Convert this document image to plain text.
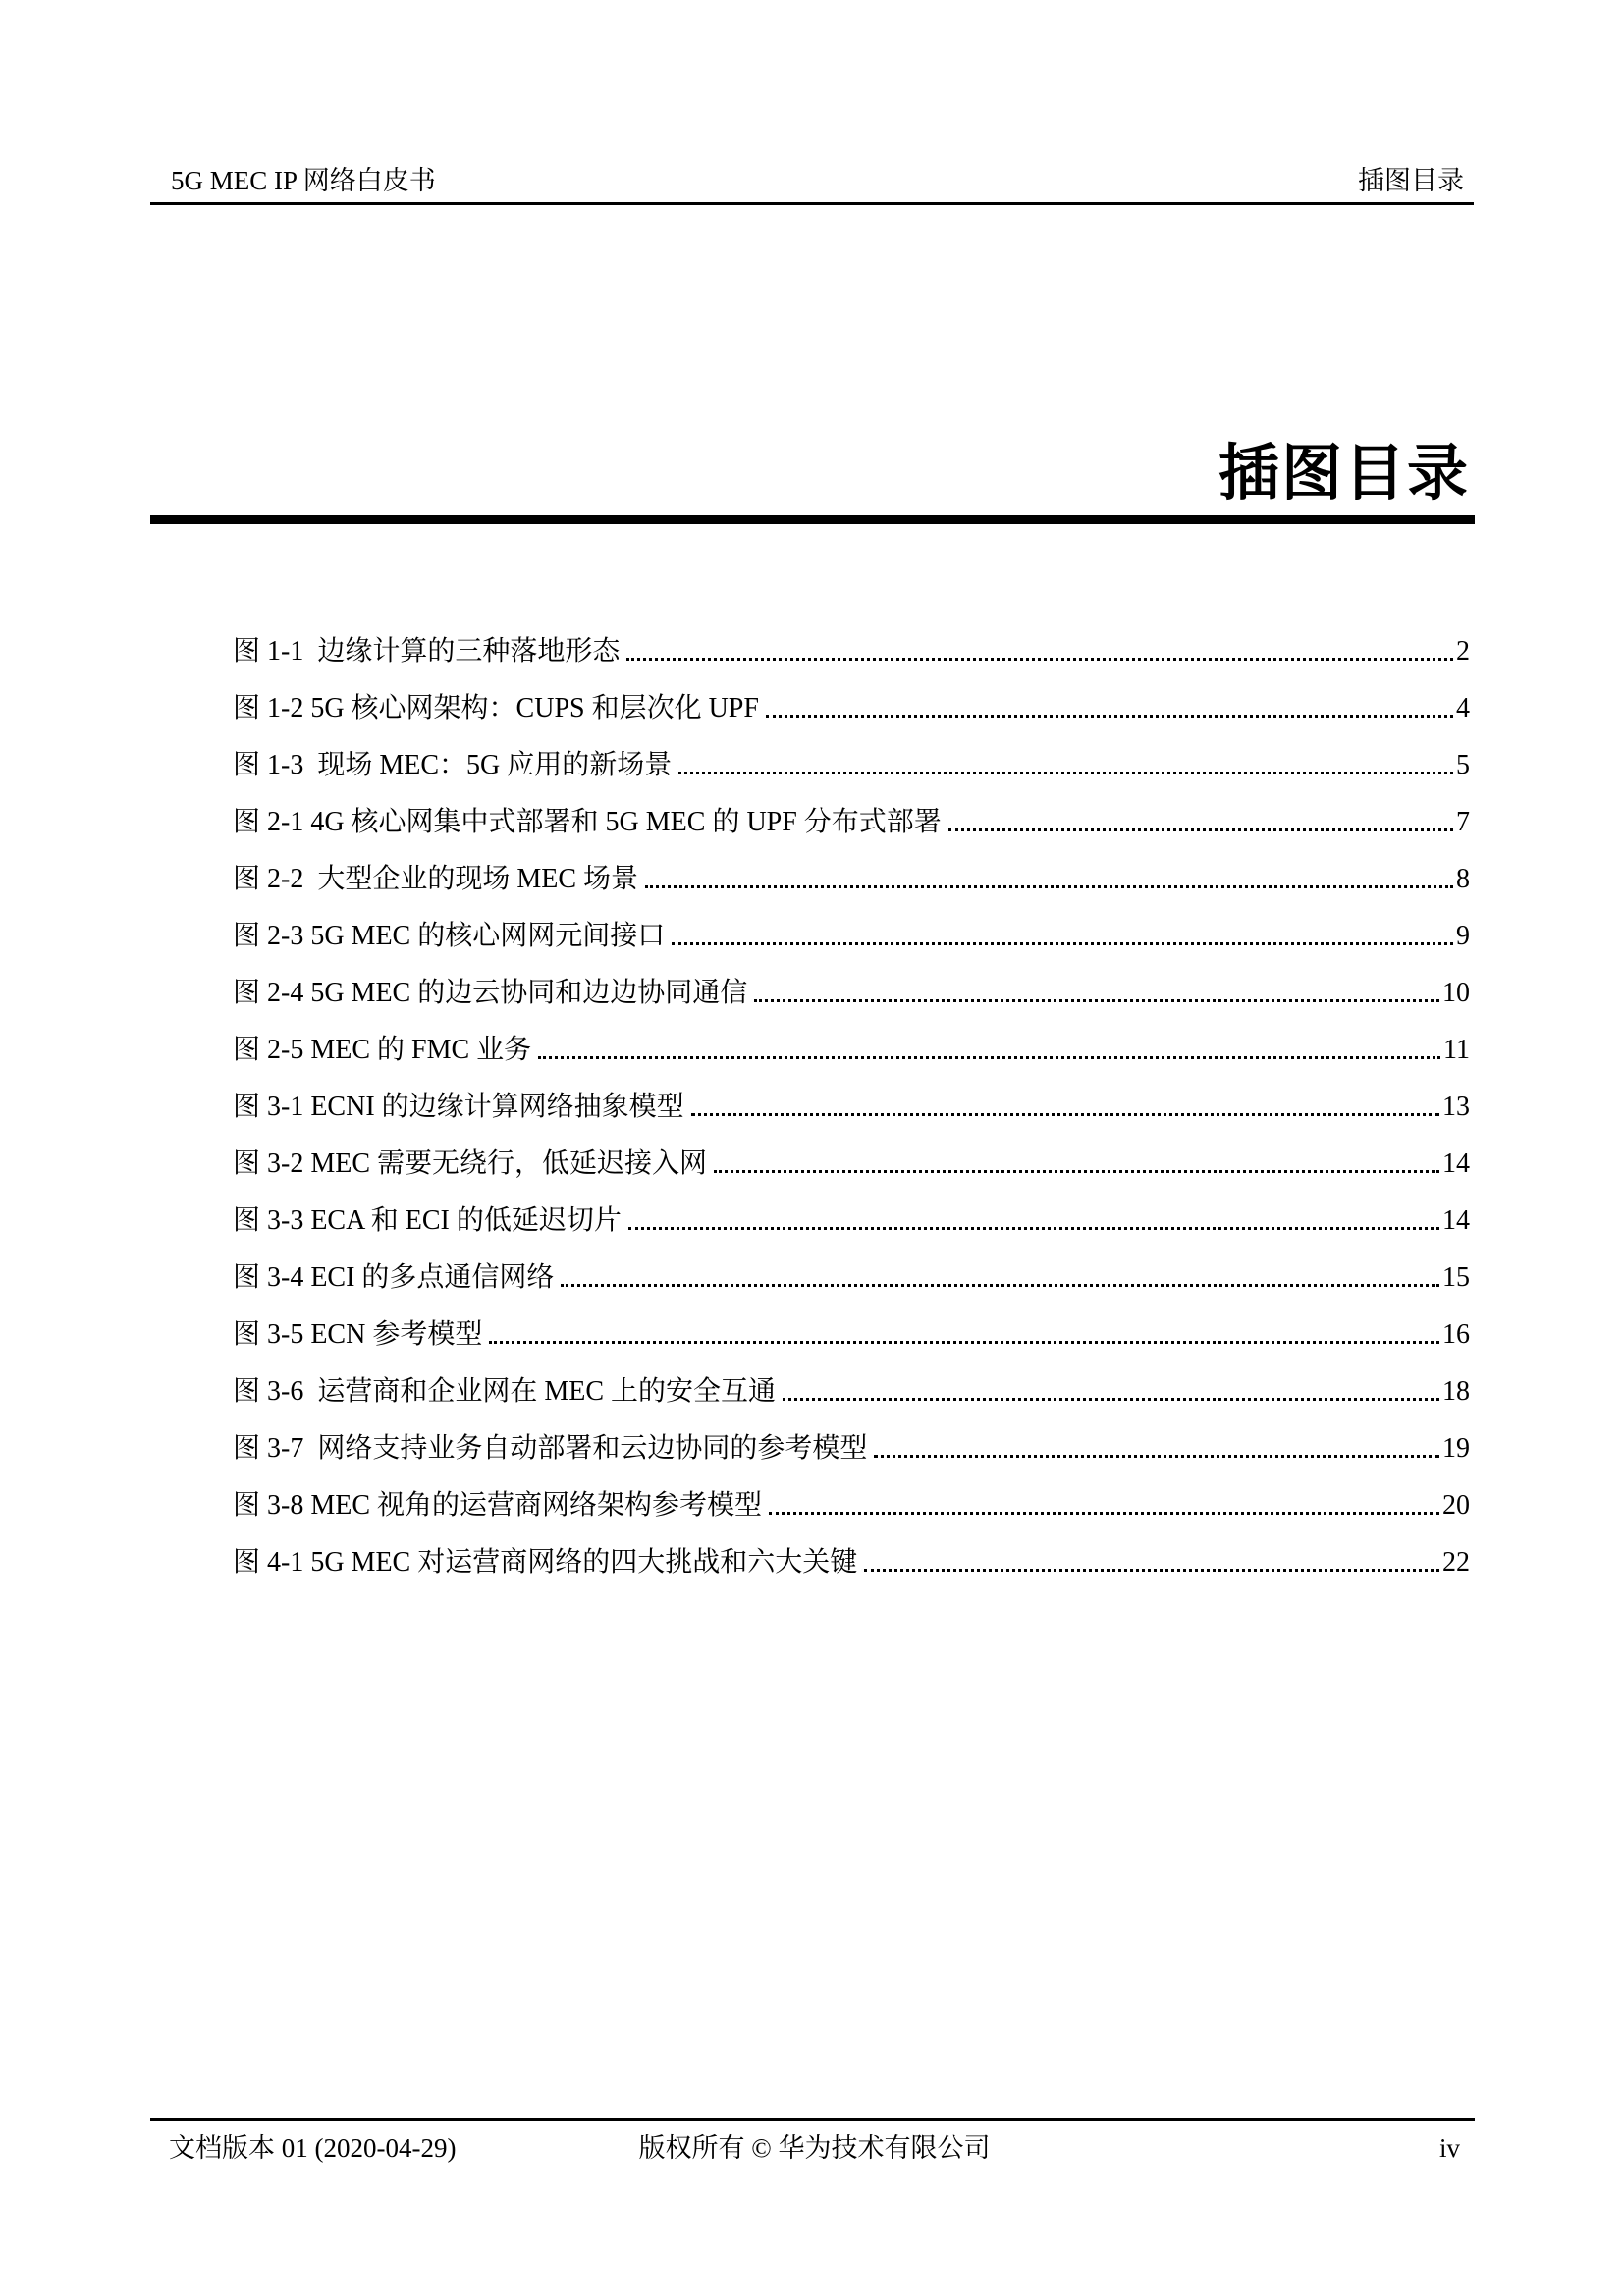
5G MEC IP 网络白皮书	插图目录
插图目录
图 1-1  边缘计算的三种落地形态	2
图 1-2 5G 核心网架构：CUPS 和层次化 UPF	4
图 1-3  现场 MEC：5G 应用的新场景	5
图 2-1 4G 核心网集中式部署和 5G MEC 的 UPF 分布式部署	7
图 2-2  大型企业的现场 MEC 场景	8
图 2-3 5G MEC 的核心网网元间接口	9
图 2-4 5G MEC 的边云协同和边边协同通信	10
图 2-5 MEC 的 FMC 业务	11
图 3-1 ECNI 的边缘计算网络抽象模型	13
图 3-2 MEC 需要无绕行，低延迟接入网	14
图 3-3 ECA 和 ECI 的低延迟切片	14
图 3-4 ECI 的多点通信网络	15
图 3-5 ECN 参考模型	16
图 3-6  运营商和企业网在 MEC 上的安全互通	18
图 3-7  网络支持业务自动部署和云边协同的参考模型	19
图 3-8 MEC 视角的运营商网络架构参考模型	20
图 4-1 5G MEC 对运营商网络的四大挑战和六大关键	22
文档版本 01 (2020-04-29)	版权所有 © 华为技术有限公司	iv
